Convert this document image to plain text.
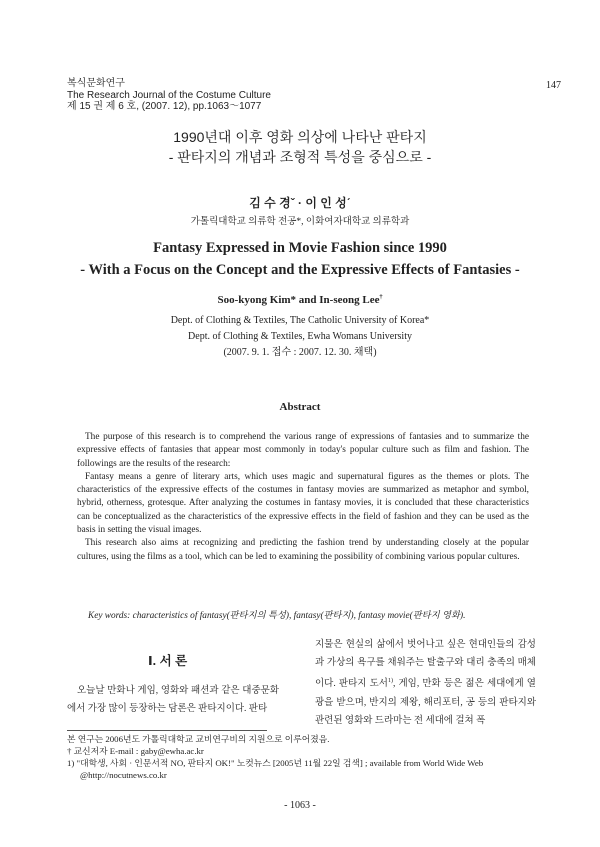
복식문화연구
The Research Journal of the Costume Culture
제 15 권 제 6 호, (2007. 12), pp.1063～1077
147
1990년대 이후 영화 의상에 나타난 판타지
- 판타지의 개념과 조형적 특성을 중심으로 -
김 수 경ˇ · 이 인 성ˊ
가톨릭대학교 의류학 전공*, 이화여자대학교 의류학과
Fantasy Expressed in Movie Fashion since 1990
- With a Focus on the Concept and the Expressive Effects of Fantasies -
Soo-kyong Kim* and In-seong Lee†
Dept. of Clothing & Textiles, The Catholic University of Korea*
Dept. of Clothing & Textiles, Ewha Womans University
(2007. 9. 1. 접수 : 2007. 12. 30. 채택)
Abstract

The purpose of this research is to comprehend the various range of expressions of fantasies and to summarize the expressive effects of fantasies that appear most commonly in today's popular culture such as film and fashion. The followings are the results of the research:

Fantasy means a genre of literary arts, which uses magic and supernatural figures as the themes or plots. The characteristics of the expressive effects of the costumes in fantasy movies are summarized as metaphor and symbol, hybrid, otherness, grotesque. After analyzing the costumes in fantasy movies, it is concluded that these characteristics can be conceptualized as the characteristics of the expressive effects in the field of fashion and they can be used as the basis in setting the visual images.

This research also aims at recognizing and predicting the fashion trend by understanding closely at the popular cultures, using the films as a tool, which can be led to examining the possibility of combining various popular cultures.

Key words: characteristics of fantasy(판타지의 특성), fantasy(판타지), fantasy movie(판타지 영화).
Ⅰ. 서 론
오늘날 만화나 게임, 영화와 패션과 같은 대중문화에서 가장 많이 등장하는 담론은 판타지이다. 판타
지물은 현실의 삶에서 벗어나고 싶은 현대인들의 감성과 가상의 욕구를 채워주는 탈출구와 대리 충족의 매체이다. 판타지 도서$^{1)}$, 게임, 만화 등은 젊은 세대에게 열광을 받으며, 반지의 제왕, 해리포터, 공 등의 판타지와 관련된 영화와 드라마는 전 세대에 걸쳐 폭
본 연구는 2006년도 가톨릭대학교 교비연구비의 지원으로 이루어졌음.
† 교신저자 E-mail : gaby@ewha.ac.kr
1) "대학생, 사회 · 인문서적 NO, 판타지 OK!" 노컷뉴스 [2005년 11월 22일 검색] ; available from World Wide Web
@http://nocutnews.co.kr
- 1063 -
